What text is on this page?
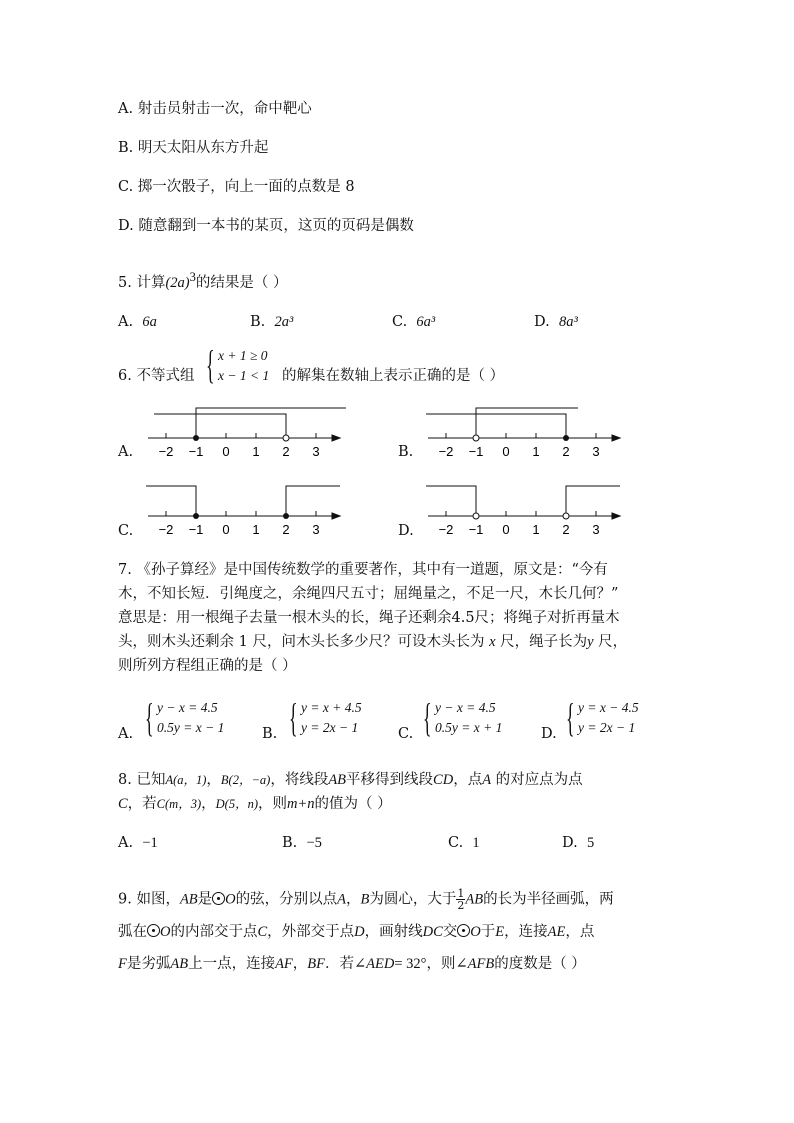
A. 射击员射击一次，命中靶心
B. 明天太阳从东方升起
C. 掷一次骰子，向上一面的点数是 8
D. 随意翻到一本书的某页，这页的页码是偶数
5. 计算$(2a)^3$的结果是（ ）
A. 6a	B. 2a³	C. 6a³	D. 8a³
6. 不等式组 { x + 1 ≥ 0
x − 1 < 1 的解集在数轴上表示正确的是（ ）
A. −2 −1 0 1 2 3	B. −2 −1 0 1 2 3
C. −2 −1 0 1 2 3	D. −2 −1 0 1 2 3
7. 《孙子算经》是中国传统数学的重要著作，其中有一道题，原文是：“今有
木，不知长短．引绳度之，余绳四尺五寸；屈绳量之，不足一尺，木长几何？”
意思是：用一根绳子去量一根木头的长，绳子还剩余4.5尺；将绳子对折再量木
头，则木头还剩余 1 尺，问木头长多少尺？可设木头长为 x 尺，绳子长为y 尺，
则所列方程组正确的是（ ）
A. { y − x = 4.5
0.5y = x − 1	B. { y = x + 4.5
y = 2x − 1	C. { y − x = 4.5
0.5y = x + 1	D. { y = x − 4.5
y = 2x − 1
8. 已知A(a，1)，B(2，−a)，将线段AB平移得到线段CD，点A 的对应点为点
C，若C(m，3)，D(5，n)，则m+n的值为（ ）
A. −1	B. −5	C. 1	D. 5
9. 如图，AB是 O的弦，分别以点A，B为圆心，大于 $\frac{1}{2}$ AB的长为半径画弧，两
弧在 O的内部交于点C，外部交于点D，画射线DC交 O于E，连接AE，点
F是劣弧AB上一点，连接AF，BF．若∠AED= 32°，则∠AFB的度数是（ ）
